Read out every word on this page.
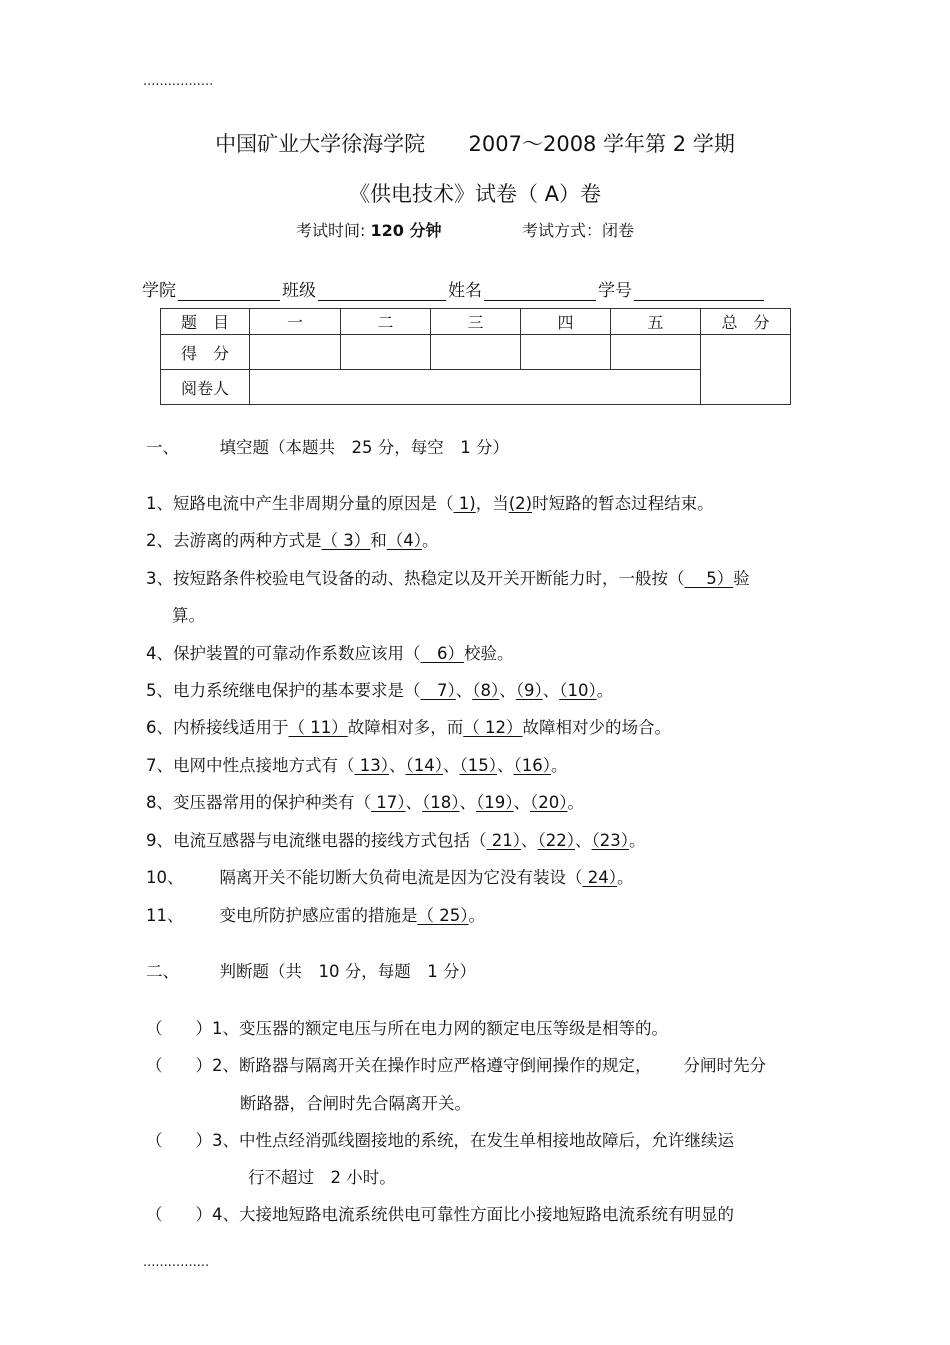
.................
中国矿业大学徐海学院 2007～2008 学年第 2 学期
《供电技术》试卷（ A）卷
考试时间: 120 分钟	考试方式：闭卷
学院	班级	姓名	学号
题　目	一	二	三	四	五	总　分
得　分						
阅卷人						
一、 填空题（本题共　25 分，每空　1 分）
1、短路电流中产生非周期分量的原因是（ 1)，当(2)时短路的暂态过程结束。
2、去游离的两种方式是（ 3）和（4）。
3、按短路条件校验电气设备的动、热稳定以及开关开断能力时，一般按（　 5）验
算。
4、保护装置的可靠动作系数应该用（　6）校验。
5、电力系统继电保护的基本要求是（　7）、（8）、（9）、（10）。
6、内桥接线适用于（ 11）故障相对多，而（ 12）故障相对少的场合。
7、电网中性点接地方式有（ 13）、（14）、（15）、（16）。
8、变压器常用的保护种类有（ 17）、（18）、（19）、（20）。
9、电流互感器与电流继电器的接线方式包括（ 21）、（22）、（23）。
10、 隔离开关不能切断大负荷电流是因为它没有装设（ 24）。
11、 变电所防护感应雷的措施是（ 25）。
二、 判断题（共　10 分，每题　1 分）
（　　）1、变压器的额定电压与所在电力网的额定电压等级是相等的。
（　　）2、断路器与隔离开关在操作时应严格遵守倒闸操作的规定， 分闸时先分
断路器，合闸时先合隔离开关。
（　　）3、中性点经消弧线圈接地的系统，在发生单相接地故障后，允许继续运
行不超过　2 小时。
（　　）4、大接地短路电流系统供电可靠性方面比小接地短路电流系统有明显的
................
